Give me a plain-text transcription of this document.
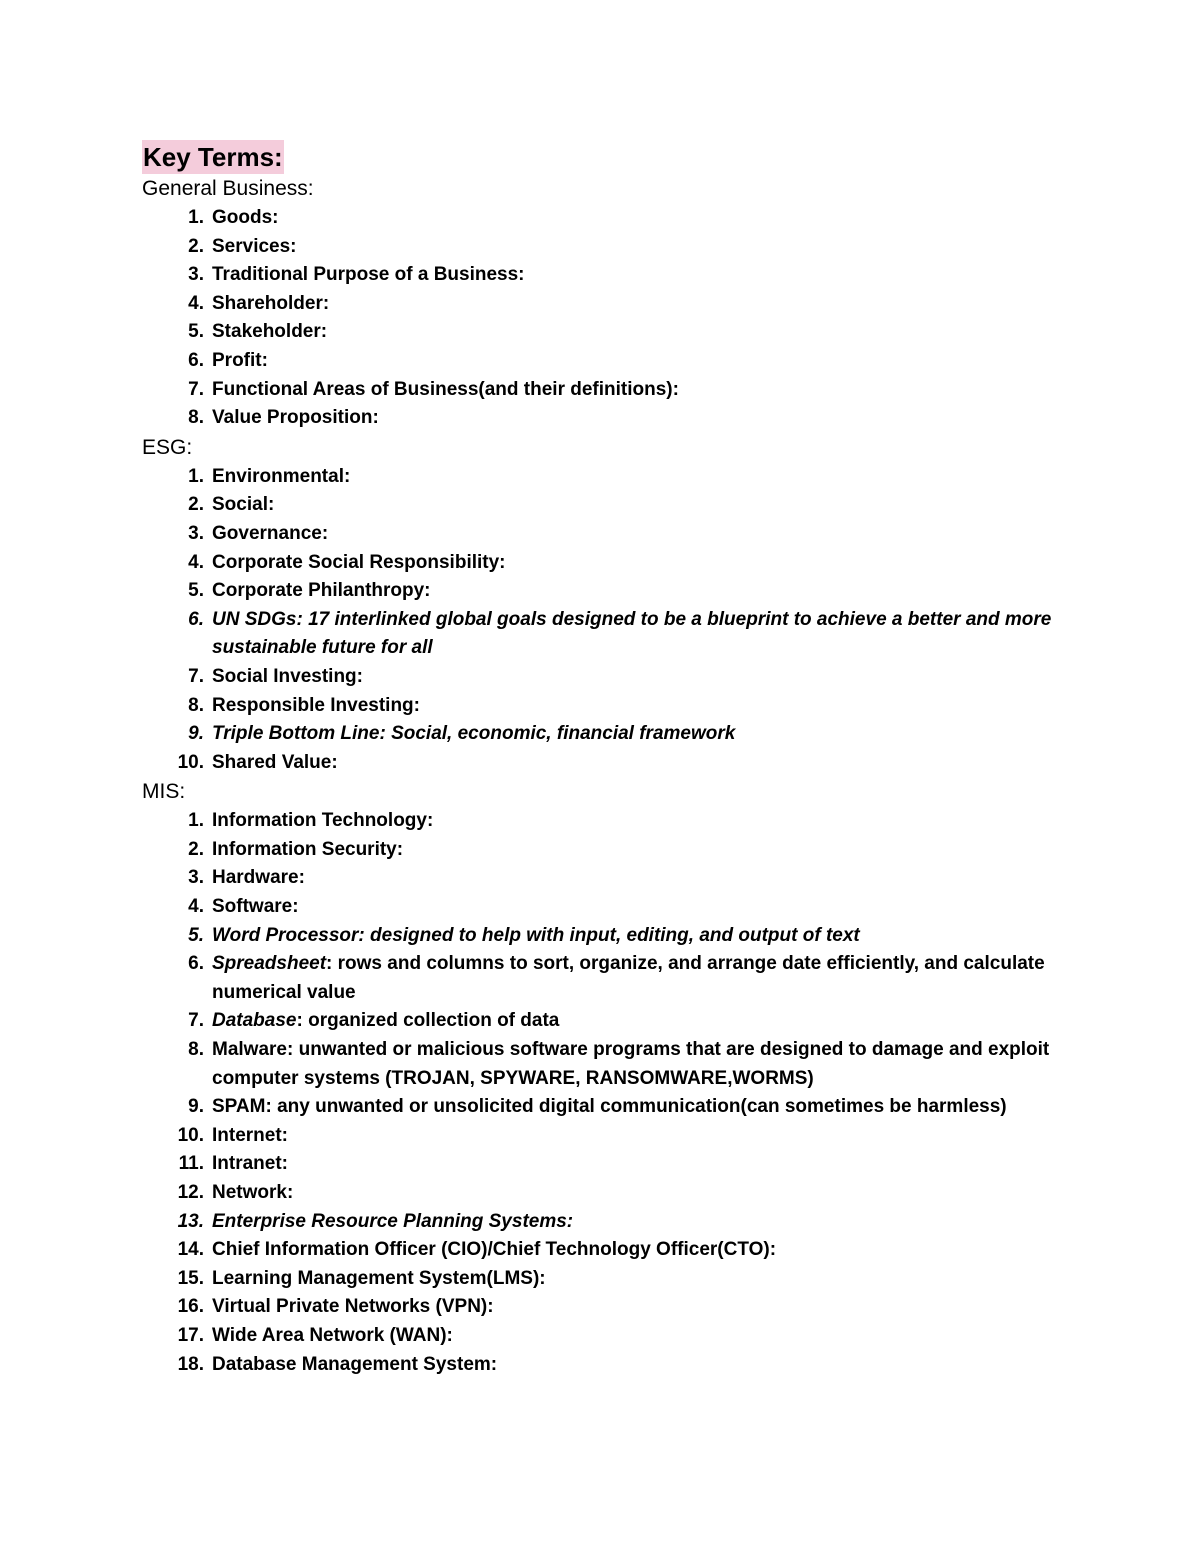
Key Terms:
General Business:
1. Goods:
2. Services:
3. Traditional Purpose of a Business:
4. Shareholder:
5. Stakeholder:
6. Profit:
7. Functional Areas of Business(and their definitions):
8. Value Proposition:
ESG:
1. Environmental:
2. Social:
3. Governance:
4. Corporate Social Responsibility:
5. Corporate Philanthropy:
6. UN SDGs: 17 interlinked global goals designed to be a blueprint to achieve a better and more sustainable future for all
7. Social Investing:
8. Responsible Investing:
9. Triple Bottom Line: Social, economic, financial framework
10. Shared Value:
MIS:
1. Information Technology:
2. Information Security:
3. Hardware:
4. Software:
5. Word Processor: designed to help with input, editing, and output of text
6. Spreadsheet: rows and columns to sort, organize, and arrange date efficiently, and calculate numerical value
7. Database: organized collection of data
8. Malware: unwanted or malicious software programs that are designed to damage and exploit computer systems (TROJAN, SPYWARE, RANSOMWARE,WORMS)
9. SPAM: any unwanted or unsolicited digital communication(can sometimes be harmless)
10. Internet:
11. Intranet:
12. Network:
13. Enterprise Resource Planning Systems:
14. Chief Information Officer (CIO)/Chief Technology Officer(CTO):
15. Learning Management System(LMS):
16. Virtual Private Networks (VPN):
17. Wide Area Network (WAN):
18. Database Management System:
